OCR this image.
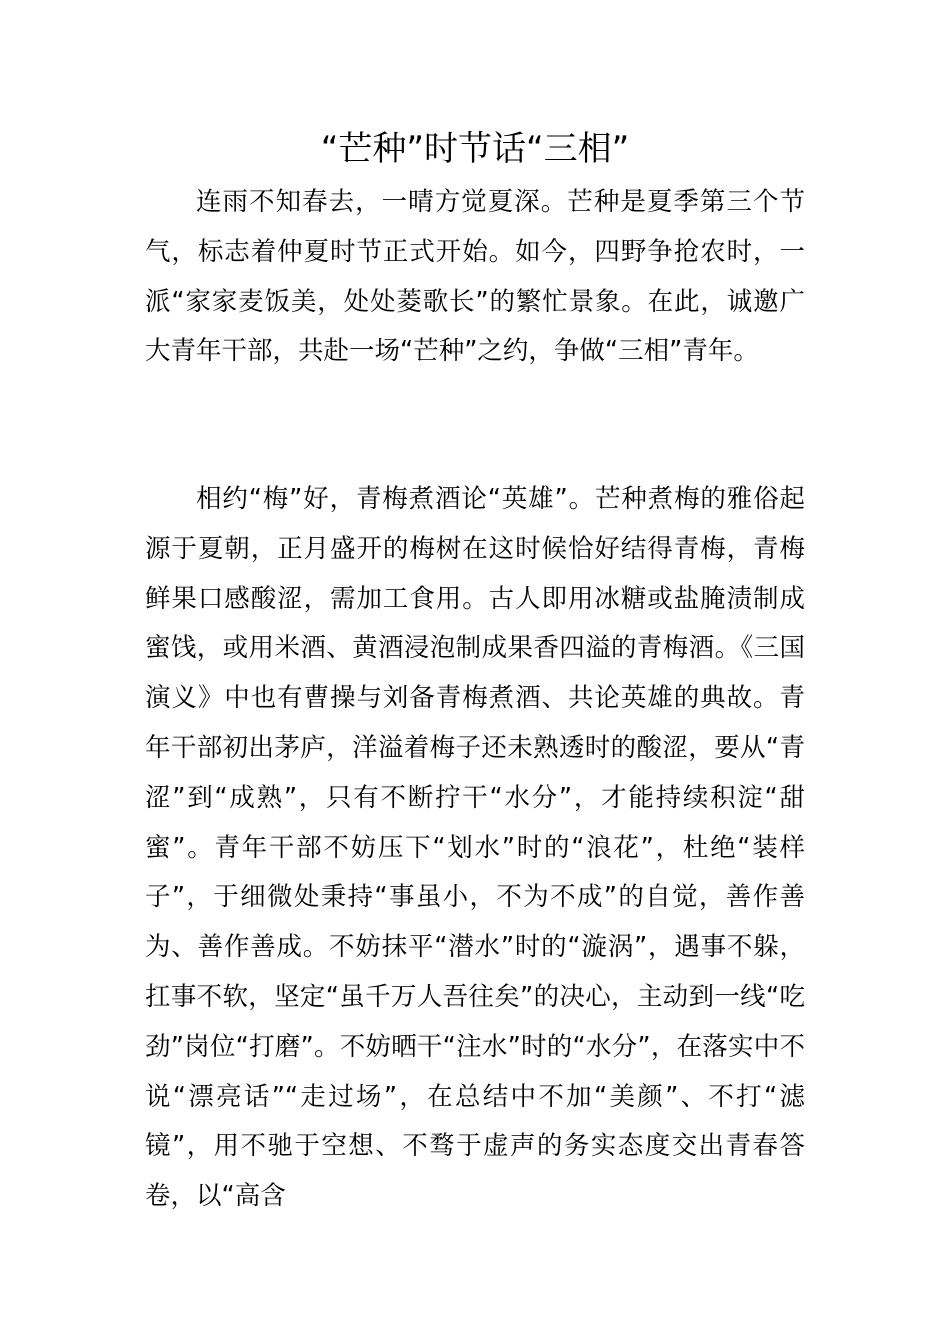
“芒种”时节话“三相”

连雨不知春去，一晴方觉夏深。芒种是夏季第三个节气，标志着仲夏时节正式开始。如今，四野争抢农时，一派“家家麦饭美，处处菱歌长”的繁忙景象。在此，诚邀广大青年干部，共赴一场“芒种”之约，争做“三相”青年。

相约“梅”好，青梅煮酒论“英雄”。芒种煮梅的雅俗起源于夏朝，正月盛开的梅树在这时候恰好结得青梅，青梅鲜果口感酸涩，需加工食用。古人即用冰糖或盐腌渍制成蜜饯，或用米酒、黄酒浸泡制成果香四溢的青梅酒。《三国演义》中也有曹操与刘备青梅煮酒、共论英雄的典故。青年干部初出茅庐，洋溢着梅子还未熟透时的酸涩，要从“青涩”到“成熟”，只有不断拧干“水分”，才能持续积淀“甜蜜”。青年干部不妨压下“划水”时的“浪花”，杜绝“装样子”，于细微处秉持“事虽小，不为不成”的自觉，善作善为、善作善成。不妨抹平“潜水”时的“漩涡”，遇事不躲，扛事不软，坚定“虽千万人吾往矣”的决心，主动到一线“吃劲”岗位“打磨”。不妨晒干“注水”时的“水分”，在落实中不说“漂亮话”“走过场”，在总结中不加“美颜”、不打“滤镜”，用不驰于空想、不骛于虚声的务实态度交出青春答卷，以“高含
